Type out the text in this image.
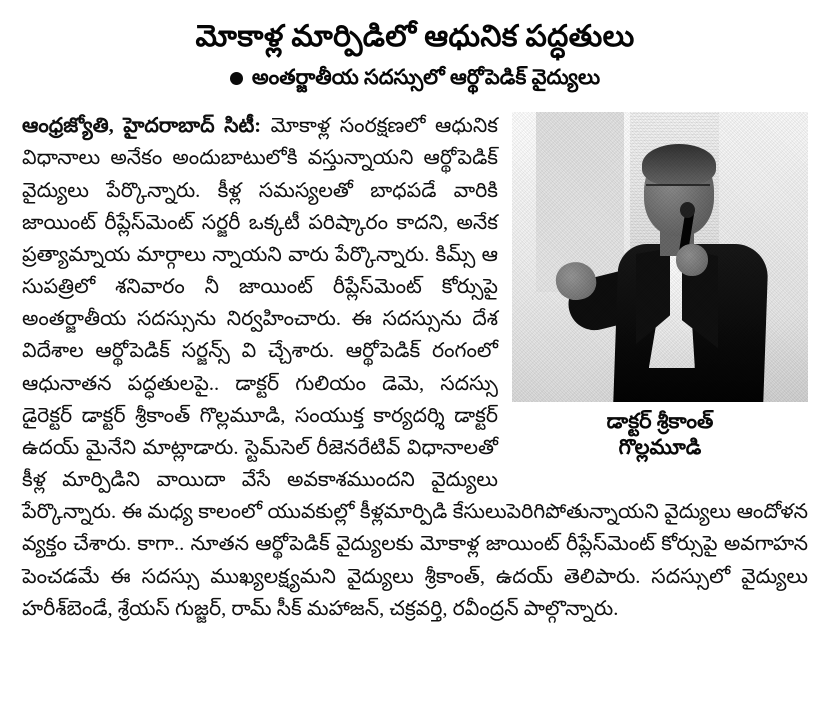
మోకాళ్ల మార్పిడిలో ఆధునిక పద్ధతులు
అంతర్జాతీయ సదస్సులో ఆర్థోపెడిక్ వైద్యులు
డాక్టర్ శ్రీకాంత్
గొల్లమూడి

ఆంధ్రజ్యోతి, హైదరాబాద్ సిటీ: మోకాళ్ల సంరక్షణలో ఆధునిక విధానాలు అనేకం అందుబాటులోకి వస్తున్నాయని ఆర్థోపెడిక్ వైద్యులు పేర్కొన్నారు. కీళ్ల సమస్యలతో బాధపడే వారికి జాయింట్ రీప్లేస్‌మెంట్ సర్జరీ ఒక్కటీ పరిష్కారం కాదని, అనేక ప్రత్యామ్నాయ మార్గాలు న్నాయని వారు పేర్కొన్నారు. కిమ్స్ ఆ సుపత్రిలో శనివారం నీ జాయింట్ రీప్లేస్‌మెంట్ కోర్సుపై అంతర్జాతీయ సదస్సును నిర్వహించారు. ఈ సదస్సును దేశ విదేశాల ఆర్థోపెడిక్ సర్జన్స్ వి చ్చేశారు. ఆర్థోపెడిక్ రంగంలో ఆధునాతన పద్ధతులపై.. డాక్టర్ గులియం డెమె, సదస్సు డైరెక్టర్ డాక్టర్ శ్రీకాంత్ గొల్లమూడి, సంయుక్త కార్యదర్శి డాక్టర్ ఉదయ్ మైనేని మాట్లాడారు. స్టెమ్‌సెల్ రీజెనరేటివ్ విధానాలతో కీళ్ల మార్పిడిని వాయిదా వేసే అవకాశముందని వైద్యులు పేర్కొన్నారు. ఈ మధ్య కాలంలో యువకుల్లో కీళ్లమార్పిడి కేసులుపెరిగిపోతున్నాయని వైద్యులు ఆందోళన వ్యక్తం చేశారు. కాగా.. నూతన ఆర్థోపెడిక్ వైద్యులకు మోకాళ్ల జాయింట్ రీప్లేస్‌మెంట్ కోర్సుపై అవగాహన పెంచడమే ఈ సదస్సు ముఖ్యలక్ష్యమని వైద్యులు శ్రీకాంత్, ఉదయ్ తెలిపారు. సదస్సులో వైద్యులు హరీశ్‌బెండే, శ్రేయస్ గుజ్జర్, రామ్ సీక్ మహాజన్, చక్రవర్తి, రవీంద్రన్ పాల్గొన్నారు.
